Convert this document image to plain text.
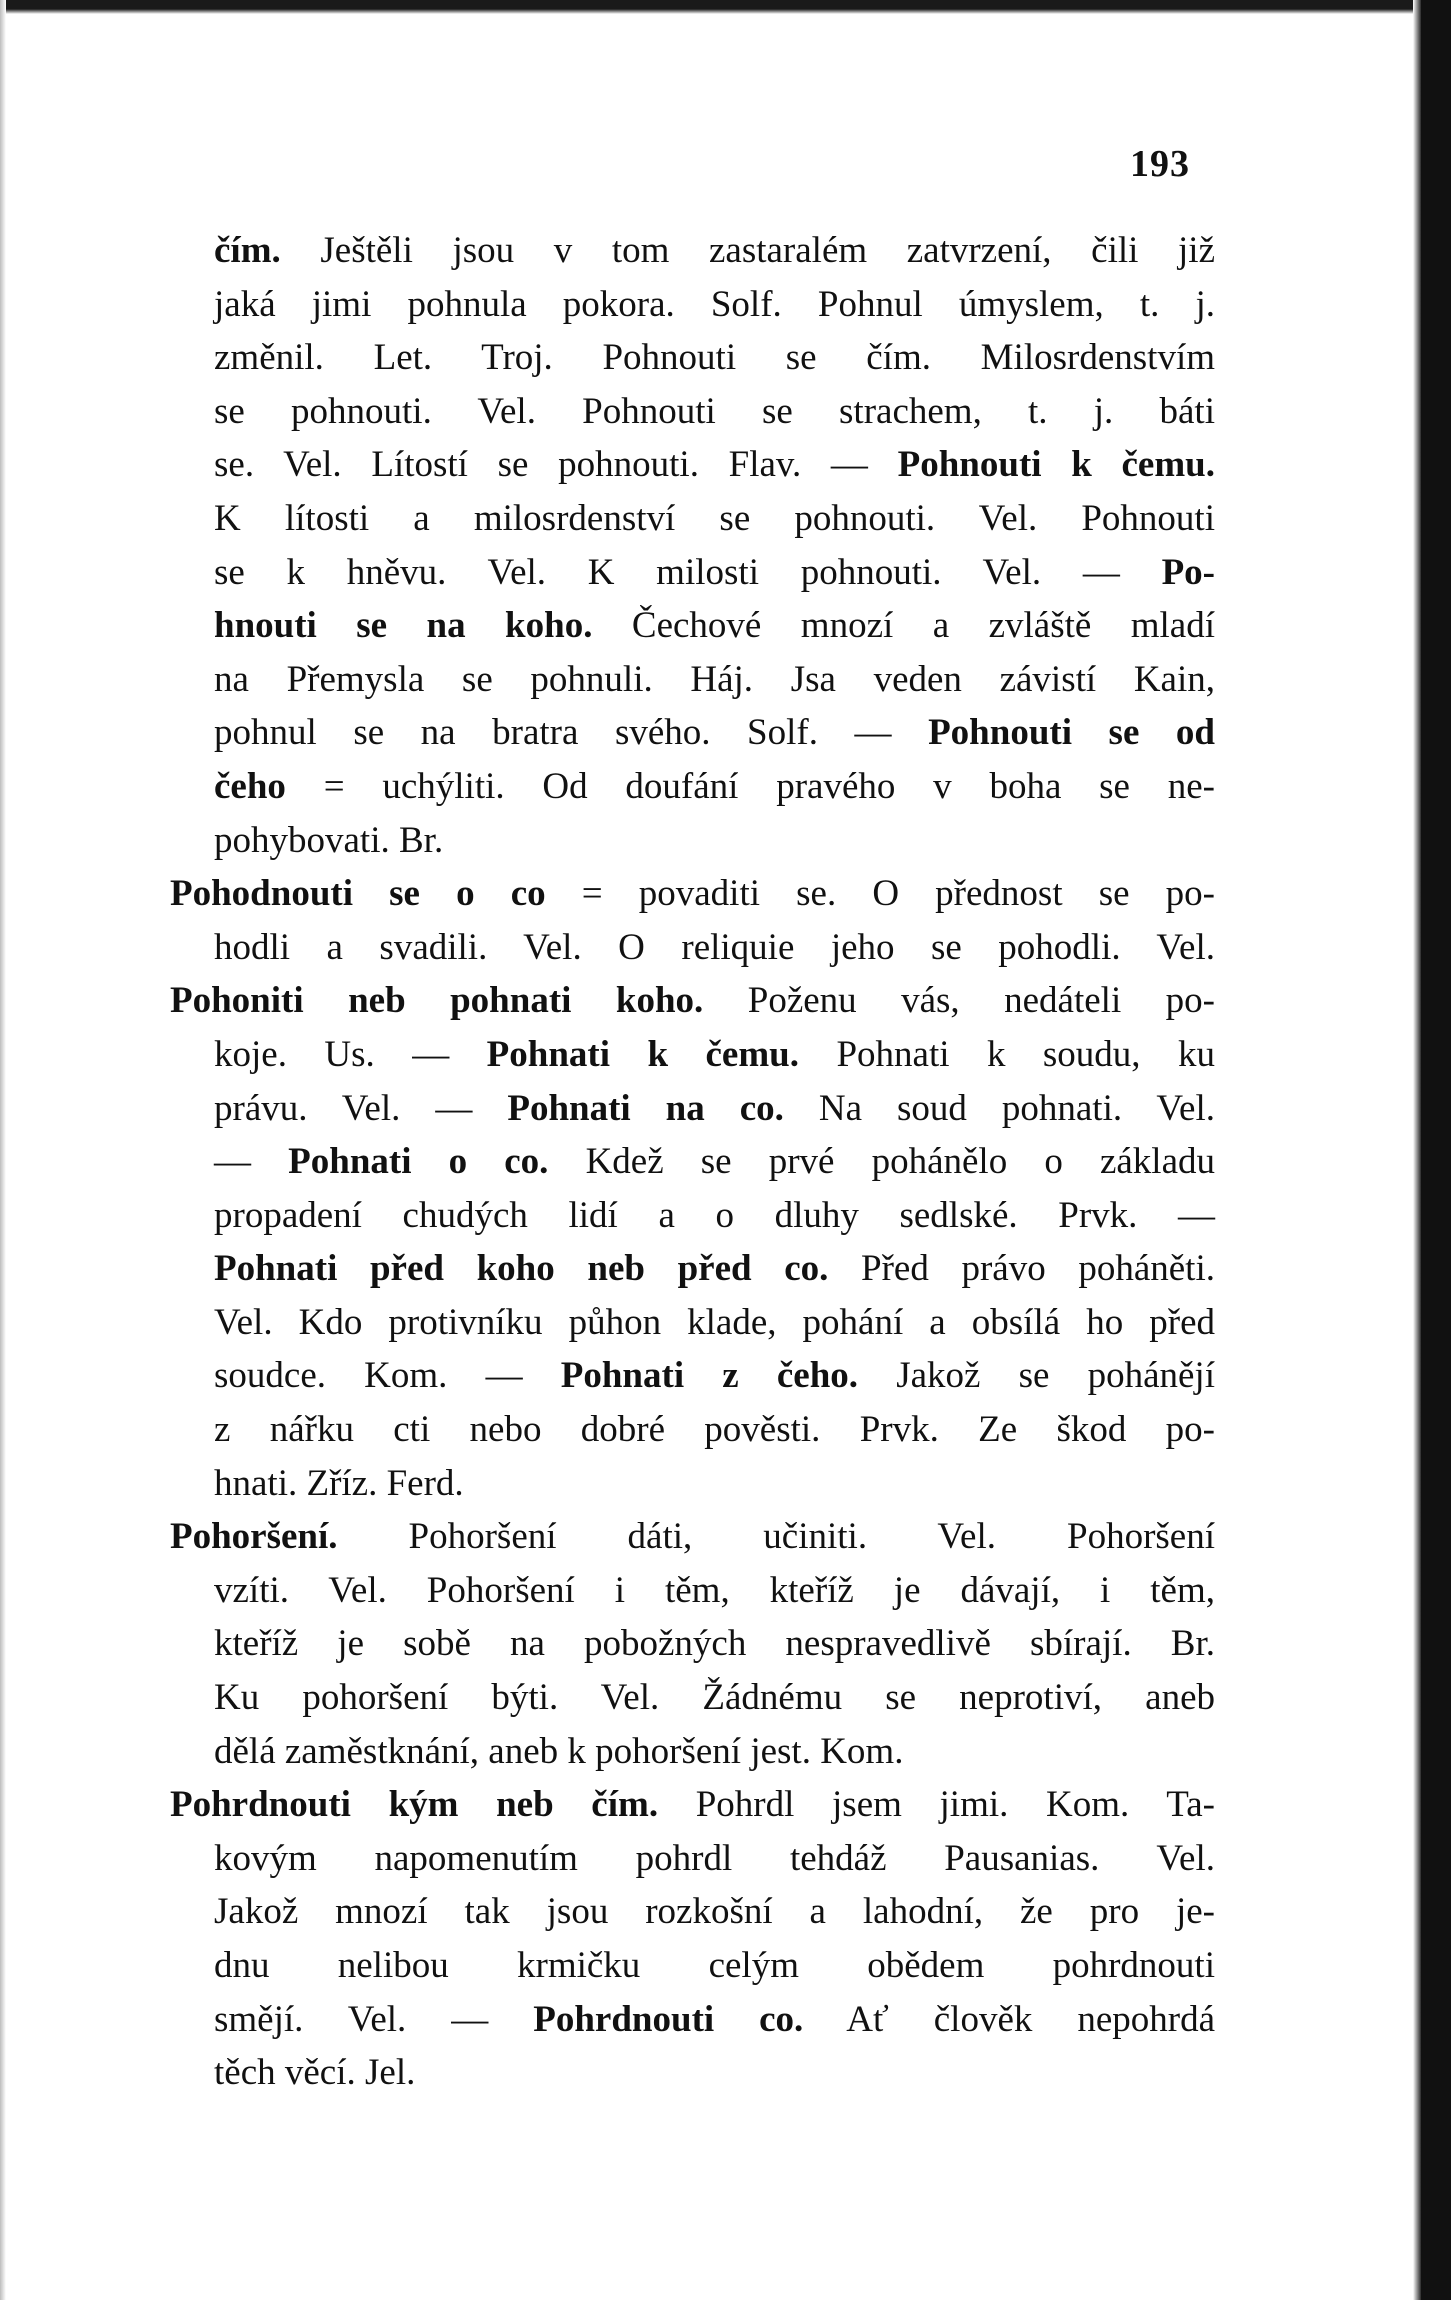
193
čím. Ještěli jsou v tom zastaralém zatvrzení, čili již
jaká jimi pohnula pokora. Solf. Pohnul úmyslem, t. j.
změnil. Let. Troj. Pohnouti se čím. Milosrdenstvím
se pohnouti. Vel. Pohnouti se strachem, t. j. báti
se. Vel. Lítostí se pohnouti. Flav. — Pohnouti k čemu.
K lítosti a milosrdenství se pohnouti. Vel. Pohnouti
se k hněvu. Vel. K milosti pohnouti. Vel. — Po-
hnouti se na koho. Čechové mnozí a zvláště mladí
na Přemysla se pohnuli. Háj. Jsa veden závistí Kain,
pohnul se na bratra svého. Solf. — Pohnouti se od
čeho = uchýliti. Od doufání pravého v boha se ne-
pohybovati. Br.
Pohodnouti se o co = povaditi se. O přednost se po-
hodli a svadili. Vel. O reliquie jeho se pohodli. Vel.
Pohoniti neb pohnati koho. Poženu vás, nedáteli po-
koje. Us. — Pohnati k čemu. Pohnati k soudu, ku
právu. Vel. — Pohnati na co. Na soud pohnati. Vel.
— Pohnati o co. Kdež se prvé pohánělo o základu
propadení chudých lidí a o dluhy sedlské. Prvk. —
Pohnati před koho neb před co. Před právo poháněti.
Vel. Kdo protivníku půhon klade, pohání a obsílá ho před
soudce. Kom. — Pohnati z čeho. Jakož se pohánějí
z nářku cti nebo dobré pověsti. Prvk. Ze škod po-
hnati. Zříz. Ferd.
Pohoršení. Pohoršení dáti, učiniti. Vel. Pohoršení
vzíti. Vel. Pohoršení i těm, kteříž je dávají, i těm,
kteříž je sobě na pobožných nespravedlivě sbírají. Br.
Ku pohoršení býti. Vel. Žádnému se neprotiví, aneb
dělá zaměstknání, aneb k pohoršení jest. Kom.
Pohrdnouti kým neb čím. Pohrdl jsem jimi. Kom. Ta-
kovým napomenutím pohrdl tehdáž Pausanias. Vel.
Jakož mnozí tak jsou rozkošní a lahodní, že pro je-
dnu nelibou krmičku celým obědem pohrdnouti
smějí. Vel. — Pohrdnouti co. Ať člověk nepohrdá
těch věcí. Jel.
